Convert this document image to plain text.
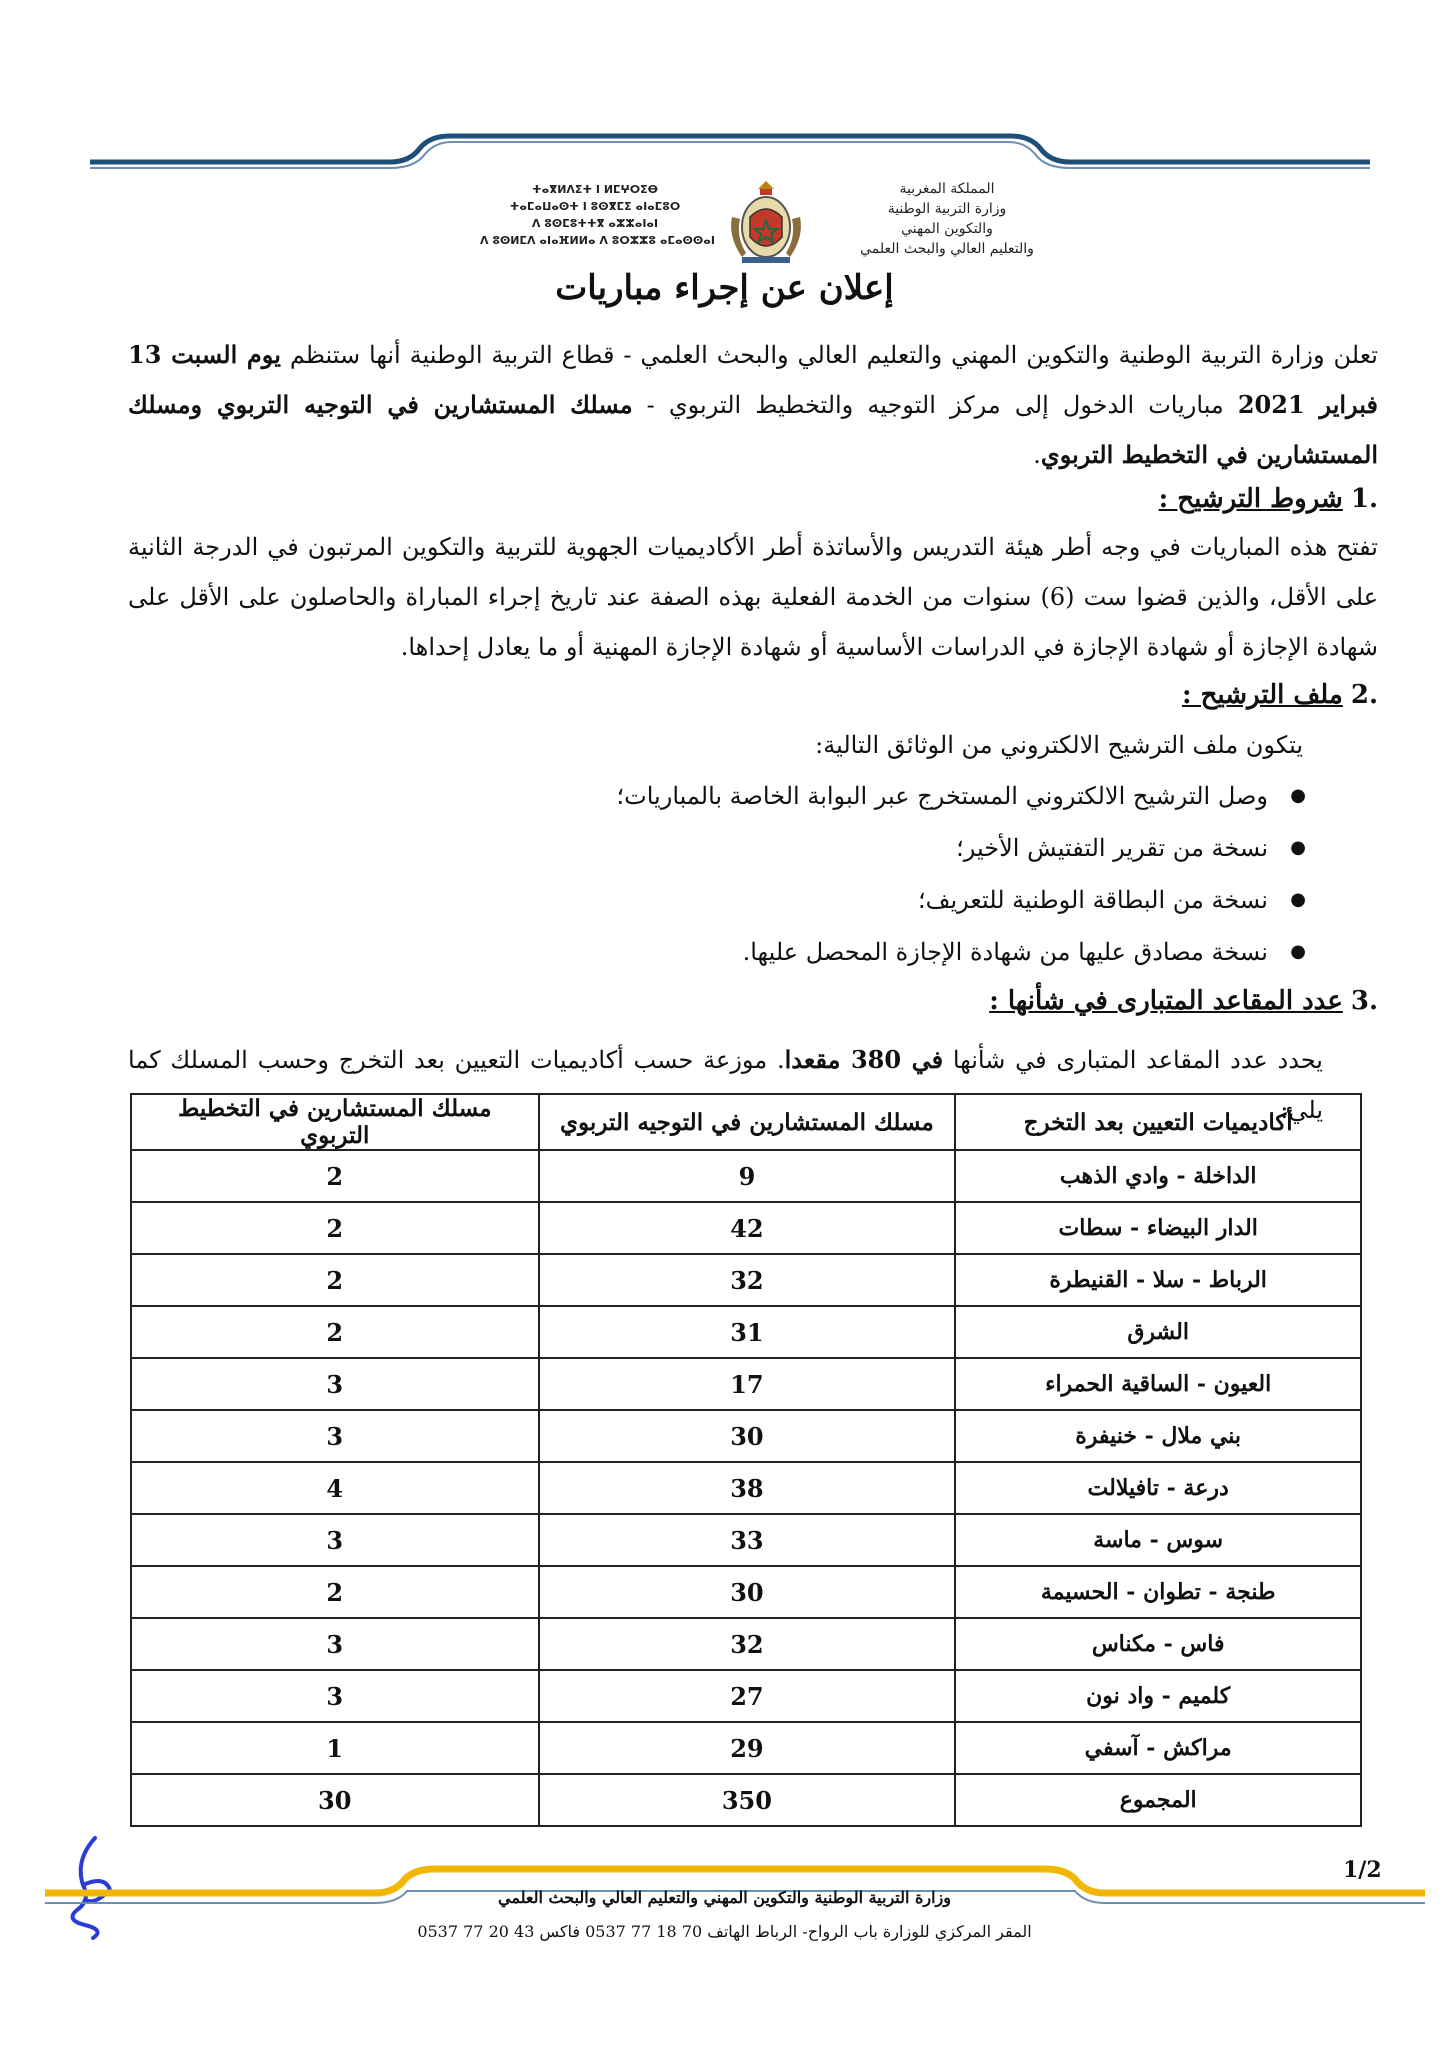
ⵜⴰⴳⵍⴷⵉⵜ ⵏ ⵍⵎⵖⵔⵉⴱ
ⵜⴰⵎⴰⵡⴰⵙⵜ ⵏ ⵓⵙⴳⵎⵉ ⴰⵏⴰⵎⵓⵔ
ⴷ ⵓⵙⵎⵓⵜⵜⴳ ⴰⵣⵣⴰⵏⴰⵏ
ⴷ ⵓⵙⵍⵎⴷ ⴰⵏⴰⴼⵍⵍⴰ ⴷ ⵓⵔⵣⵣⵓ ⴰⵎⴰⵙⵙⴰⵏ
المملكة المغربية
وزارة التربية الوطنية
والتكوين المهني
والتعليم العالي والبحث العلمي
إعلان عن إجراء مباريات
تعلن وزارة التربية الوطنية والتكوين المهني والتعليم العالي والبحث العلمي - قطاع التربية الوطنية أنها ستنظم يوم السبت 13 فبراير 2021 مباريات الدخول إلى مركز التوجيه والتخطيط التربوي - مسلك المستشارين في التوجيه التربوي ومسلك المستشارين في التخطيط التربوي.
.1شروط الترشيح :
تفتح هذه المباريات في وجه أطر هيئة التدريس والأساتذة أطر الأكاديميات الجهوية للتربية والتكوين المرتبون في الدرجة الثانية على الأقل، والذين قضوا ست (6) سنوات من الخدمة الفعلية بهذه الصفة عند تاريخ إجراء المباراة والحاصلون على الأقل على شهادة الإجازة أو شهادة الإجازة في الدراسات الأساسية أو شهادة الإجازة المهنية أو ما يعادل إحداها.
.2ملف الترشيح :
يتكون ملف الترشيح الالكتروني من الوثائق التالية:
● وصل الترشيح الالكتروني المستخرج عبر البوابة الخاصة بالمباريات؛
● نسخة من تقرير التفتيش الأخير؛
● نسخة من البطاقة الوطنية للتعريف؛
● نسخة مصادق عليها من شهادة الإجازة المحصل عليها.
.3عدد المقاعد المتبارى في شأنها :
يحدد عدد المقاعد المتبارى في شأنها في 380 مقعدا. موزعة حسب أكاديميات التعيين بعد التخرج وحسب المسلك كما يلي:
أكاديميات التعيين بعد التخرج	مسلك المستشارين في التوجيه التربوي	مسلك المستشارين في التخطيط التربوي
الداخلة - وادي الذهب	9	2
الدار البيضاء - سطات	42	2
الرباط - سلا - القنيطرة	32	2
الشرق	31	2
العيون - الساقية الحمراء	17	3
بني ملال - خنيفرة	30	3
درعة - تافيلالت	38	4
سوس - ماسة	33	3
طنجة - تطوان - الحسيمة	30	2
فاس - مكناس	32	3
كلميم - واد نون	27	3
مراكش - آسفي	29	1
المجموع	350	30
1/2
وزارة التربية الوطنية والتكوين المهني والتعليم العالي والبحث العلمي
المقر المركزي للوزارة باب الرواح- الرباط الهاتف 70 18 77 0537 فاكس 43 20 77 0537
